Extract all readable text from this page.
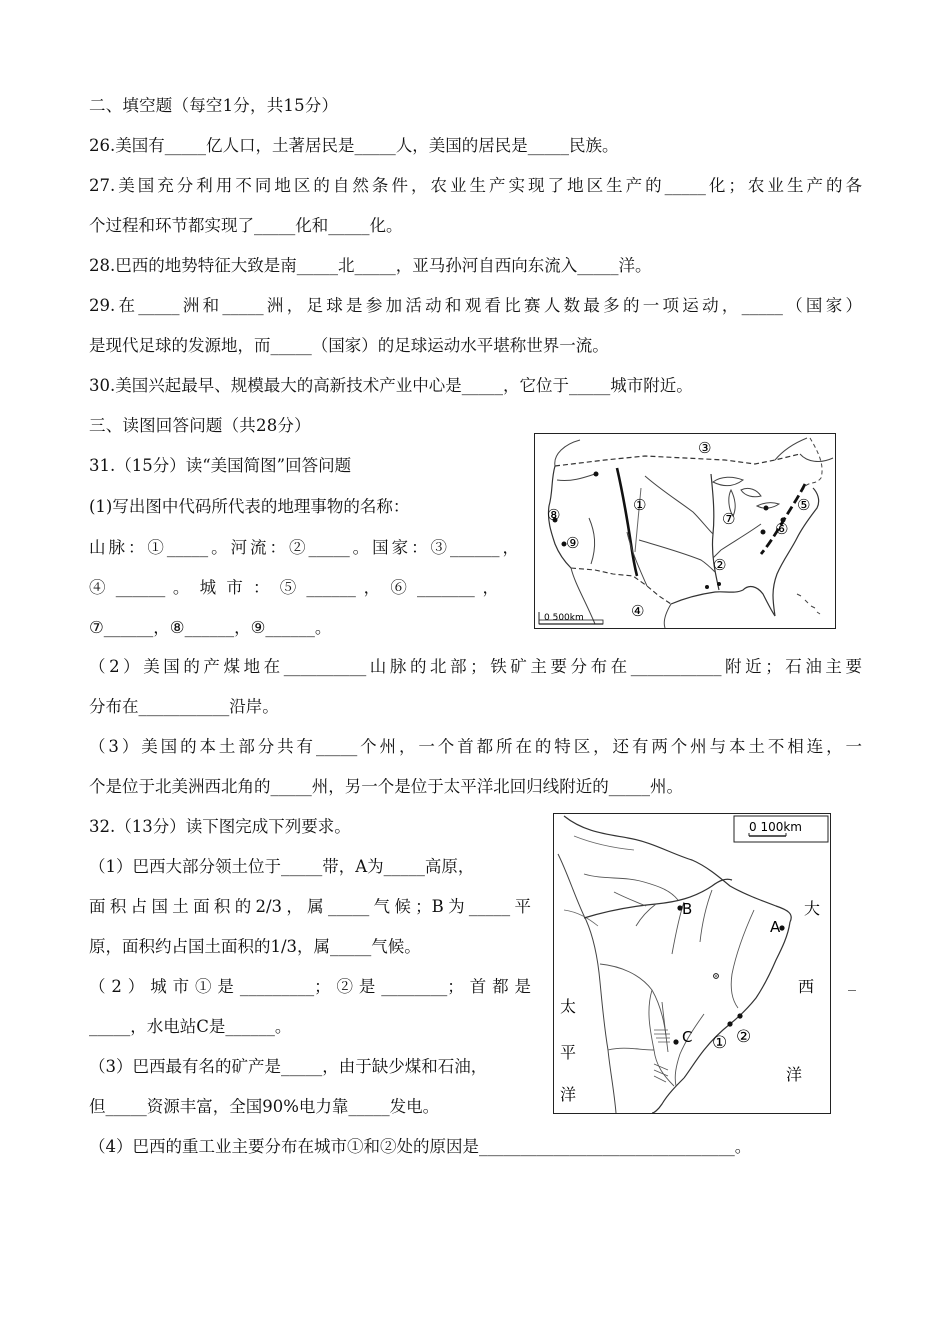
二、填空题（每空1分，共15分）
26.美国有_____亿人口，土著居民是_____人，美国的居民是_____民族。
27.美国充分利用不同地区的自然条件，农业生产实现了地区生产的_____化；农业生产的各
个过程和环节都实现了_____化和_____化。
28.巴西的地势特征大致是南_____北_____，亚马孙河自西向东流入_____洋。
29.在_____洲和_____洲，足球是参加活动和观看比赛人数最多的一项运动，_____（国家）
是现代足球的发源地，而_____（国家）的足球运动水平堪称世界一流。
30.美国兴起最早、规模最大的高新技术产业中心是_____，它位于_____城市附近。
三、读图回答问题（共28分）
31.（15分）读“美国简图”回答问题
(1)写出图中代码所代表的地理事物的名称：
山脉：①_____。河流：②_____。国家：③______，
④ ______ 。 城 市 ： ⑤ ______ ， ⑥ _______ ，
⑦______，⑧______，⑨______。
①
②
③
④
⑤
⑥
⑦
⑧
⑨
0 500km
（2）美国的产煤地在__________山脉的北部；铁矿主要分布在___________附近；石油主要
分布在___________沿岸。
（3）美国的本土部分共有_____个州，一个首都所在的特区，还有两个州与本土不相连，一
个是位于北美洲西北角的_____州，另一个是位于太平洋北回归线附近的_____州。
32.（13分）读下图完成下列要求。
（1）巴西大部分领土位于_____带，A为_____高原，
面积占国土面积的2/3，属_____气候；B为_____平
原，面积约占国土面积的1/3，属_____气候。
（2）城市①是_________；②是________；首都是
_____，水电站C是______。
（3）巴西最有名的矿产是_____，由于缺少煤和石油，
但_____资源丰富，全国90%电力靠_____发电。
（4）巴西的重工业主要分布在城市①和②处的原因是_______________________________。
_
B
A
C ① ②
大
西
洋
太
平
洋
0 100km
